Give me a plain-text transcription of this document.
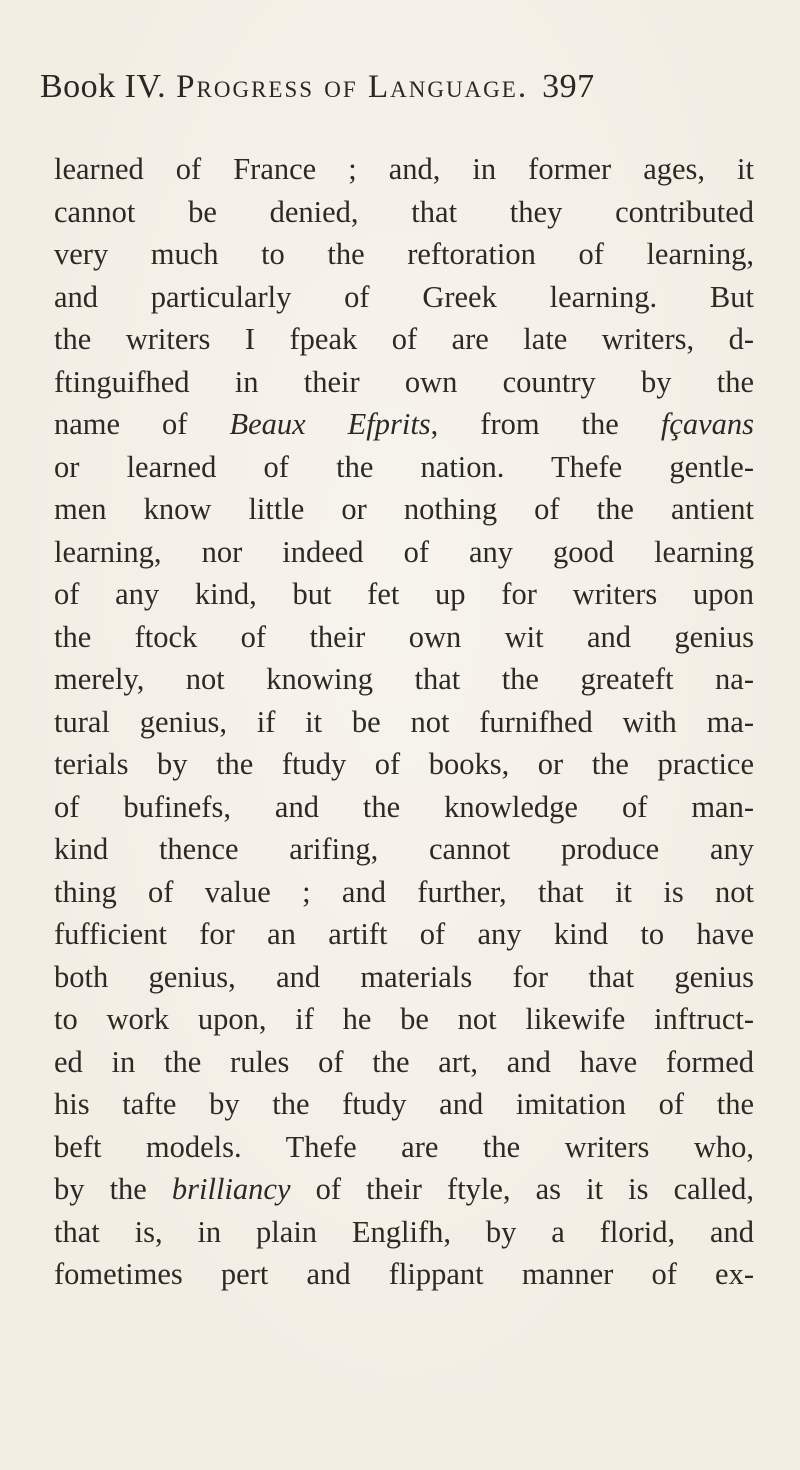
Book IV. Progress of Language. 397
learned of France ; and, in former ages, it
cannot be denied, that they contributed
very much to the reftoration of learning,
and particularly of Greek learning. But
the writers I fpeak of are late writers, d-
ftinguifhed in their own country by the
name of Beaux Efprits, from the fçavans
or learned of the nation. Thefe gentle-
men know little or nothing of the antient
learning, nor indeed of any good learning
of any kind, but fet up for writers upon
the ftock of their own wit and genius
merely, not knowing that the greateft na-
tural genius, if it be not furnifhed with ma-
terials by the ftudy of books, or the practice
of bufinefs, and the knowledge of man-
kind thence arifing, cannot produce any
thing of value ; and further, that it is not
fufficient for an artift of any kind to have
both genius, and materials for that genius
to work upon, if he be not likewife inftruct-
ed in the rules of the art, and have formed
his tafte by the ftudy and imitation of the
beft models. Thefe are the writers who,
by the brilliancy of their ftyle, as it is called,
that is, in plain Englifh, by a florid, and
fometimes pert and flippant manner of ex-
